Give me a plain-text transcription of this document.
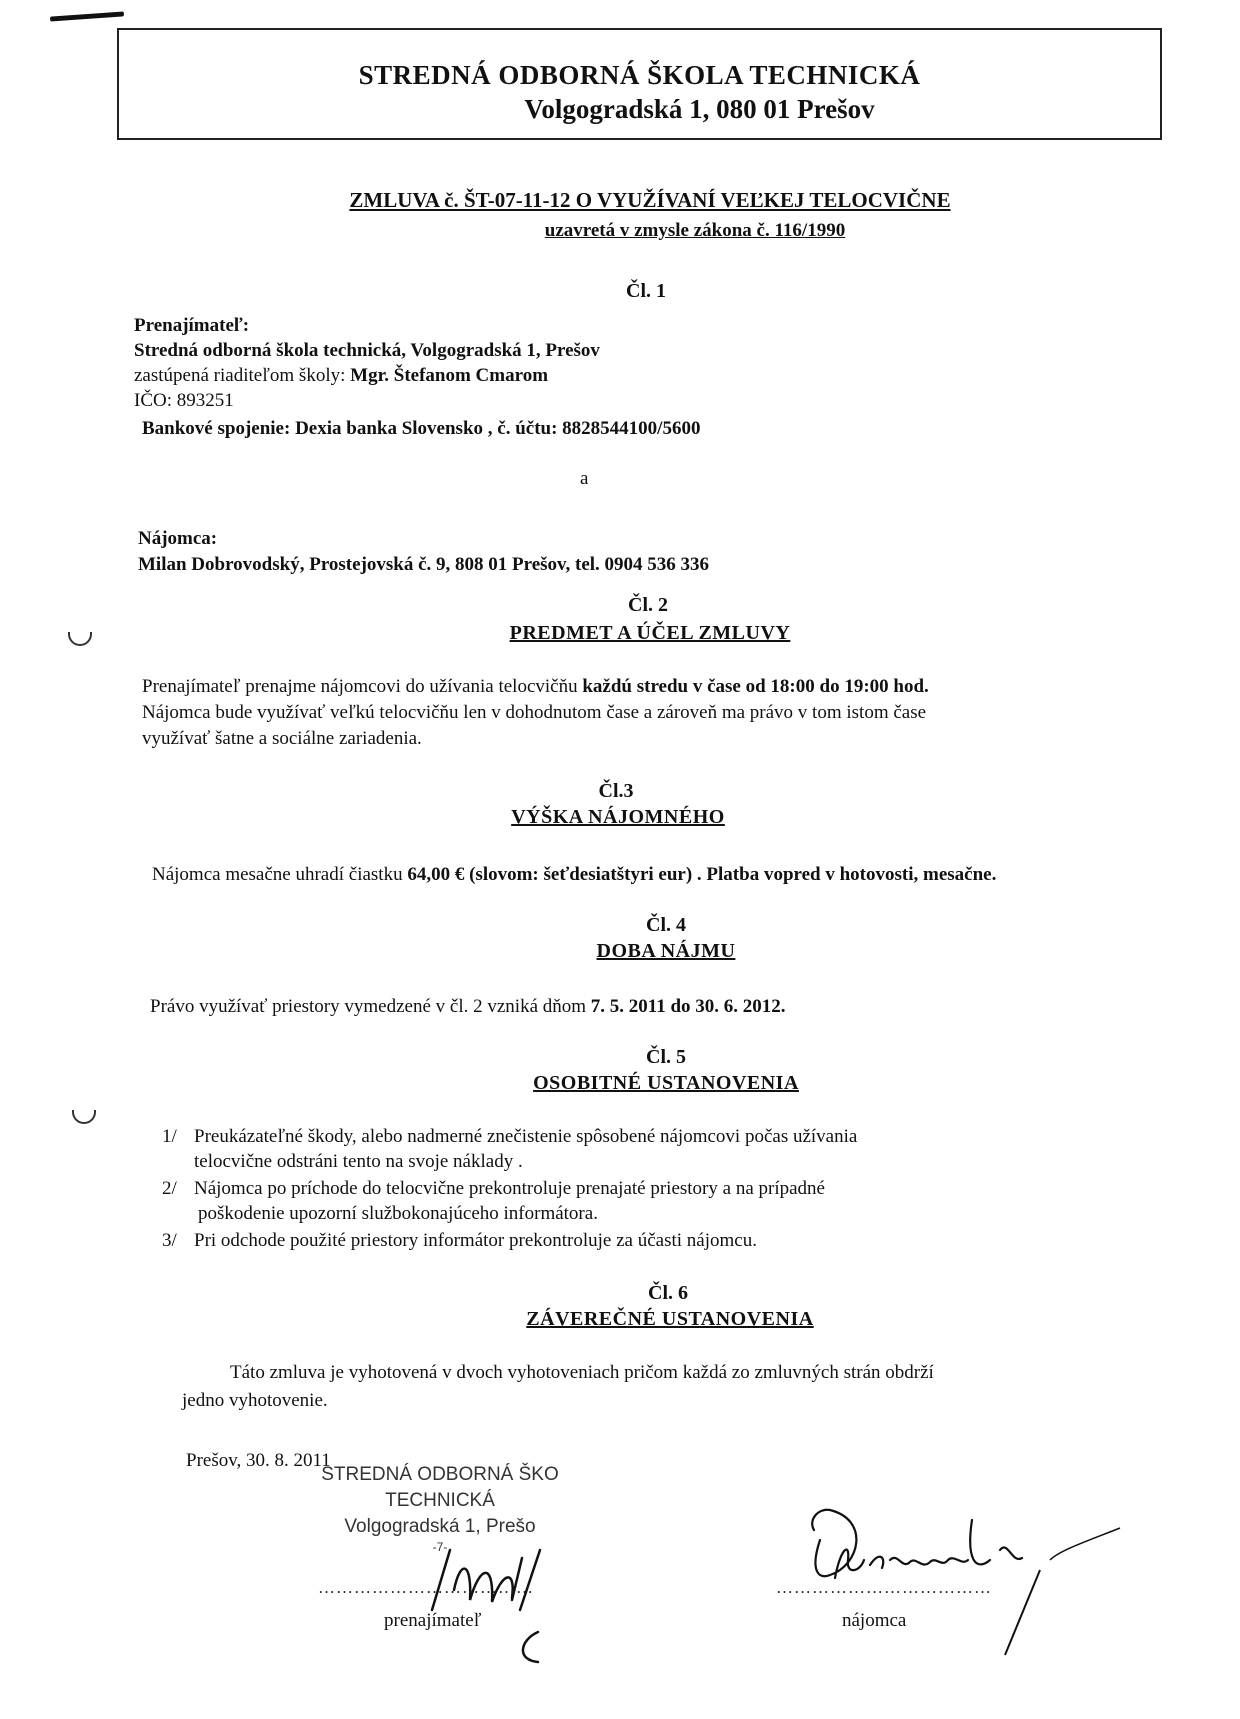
STREDNÁ ODBORNÁ ŠKOLA TECHNICKÁ
Volgogradská 1, 080 01 Prešov
ZMLUVA č. ŠT-07-11-12 O VYUŽÍVANÍ VEĽKEJ TELOCVIČNE
uzavretá v zmysle zákona č. 116/1990
Čl. 1
Prenajímateľ:
Stredná odborná škola technická, Volgogradská 1, Prešov
zastúpená riaditeľom školy: Mgr. Štefanom Cmarom
IČO: 893251
Bankové spojenie: Dexia banka Slovensko , č. účtu: 8828544100/5600
a
Nájomca:
Milan Dobrovodský, Prostejovská č. 9, 808 01 Prešov, tel. 0904 536 336
Čl. 2
PREDMET A ÚČEL ZMLUVY
Prenajímateľ prenajme nájomcovi do užívania telocvičňu každú stredu v čase od 18:00 do 19:00 hod.
Nájomca bude využívať veľkú telocvičňu len v dohodnutom čase a zároveň ma právo v tom istom čase
využívať šatne a sociálne zariadenia.
Čl.3
VÝŠKA NÁJOMNÉHO
Nájomca mesačne uhradí čiastku 64,00 € (slovom: šeťdesiatštyri eur) . Platba vopred v hotovosti, mesačne.
Čl. 4
DOBA NÁJMU
Právo využívať priestory vymedzené v čl. 2 vzniká dňom 7. 5. 2011 do 30. 6. 2012.
Čl. 5
OSOBITNÉ USTANOVENIA
1/ Preukázateľné škody, alebo nadmerné znečistenie spôsobené nájomcovi počas užívania
telocvične odstráni tento na svoje náklady .
2/ Nájomca po príchode do telocvične prekontroluje prenajaté priestory a na prípadné
poškodenie upozorní službokonajúceho informátora.
3/ Pri odchode použité priestory informátor prekontroluje za účasti nájomcu.
Čl. 6
ZÁVEREČNÉ USTANOVENIA
Táto zmluva je vyhotovená v dvoch vyhotoveniach pričom každá zo zmluvných strán obdrží
jedno vyhotovenie.
Prešov, 30. 8. 2011
STREDNÁ ODBORNÁ ŠKO
TECHNICKÁ
Volgogradská 1, Prešo
-7-
………………………………
prenajímateľ
………………………………
nájomca
